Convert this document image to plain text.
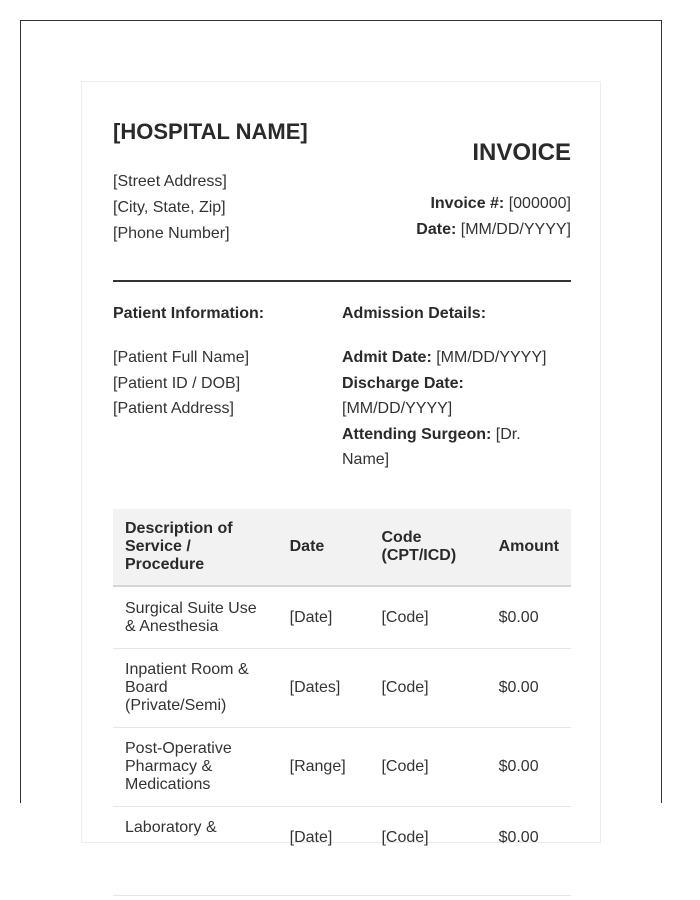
[HOSPITAL NAME]
[Street Address]
[City, State, Zip]
[Phone Number]
INVOICE
Invoice #: [000000]
Date: [MM/DD/YYYY]
Patient Information:
[Patient Full Name]
[Patient ID / DOB]
[Patient Address]
Admission Details:
Admit Date: [MM/DD/YYYY]
Discharge Date:
[MM/DD/YYYY]
Attending Surgeon: [Dr. Name]
Description of Service / Procedure	Date	Code (CPT/ICD)	Amount
Surgical Suite Use & Anesthesia	[Date]	[Code]	$0.00
Inpatient Room & Board (Private/Semi)	[Dates]	[Code]	$0.00
Post-Operative Pharmacy & Medications	[Range]	[Code]	$0.00
Laboratory &	[Date]	[Code]	$0.00
